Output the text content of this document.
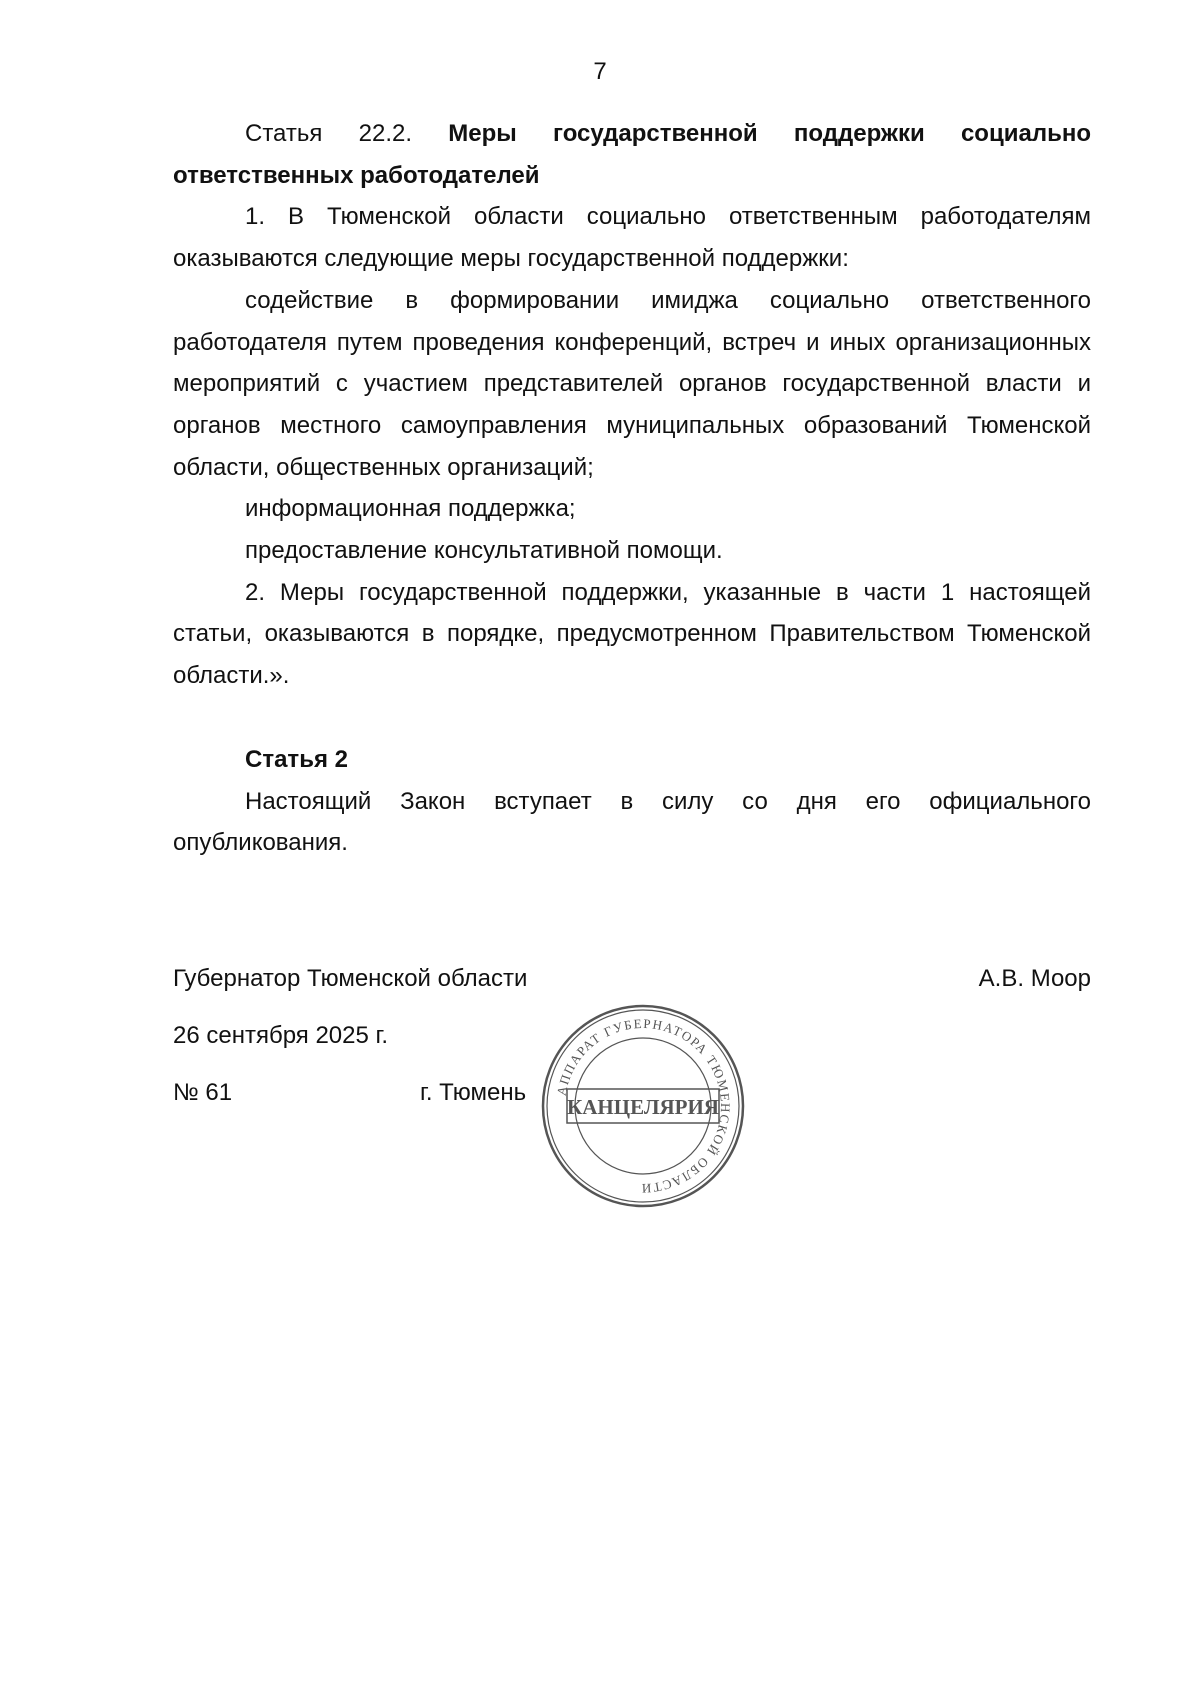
7
Статья 22.2. Меры государственной поддержки социально
ответственных работодателей

1. В Тюменской области социально ответственным работодателям оказываются следующие меры государственной поддержки:

содействие в формировании имиджа социально ответственного работодателя путем проведения конференций, встреч и иных организационных мероприятий с участием представителей органов государственной власти и органов местного самоуправления муниципальных образований Тюменской области, общественных организаций;

информационная поддержка;

предоставление консультативной помощи.

2. Меры государственной поддержки, указанные в части 1 настоящей статьи, оказываются в порядке, предусмотренном Правительством Тюменской области.».

Статья 2

Настоящий Закон вступает в силу со дня его официального опубликования.

Губернатор Тюменской области	А.В. Моор
26 сентября 2025 г.
№ 61	г. Тюмень АППАРАТ ГУБЕРНАТОРА ТЮМЕНСКОЙ ОБЛАСТИ
КАНЦЕЛЯРИЯ
